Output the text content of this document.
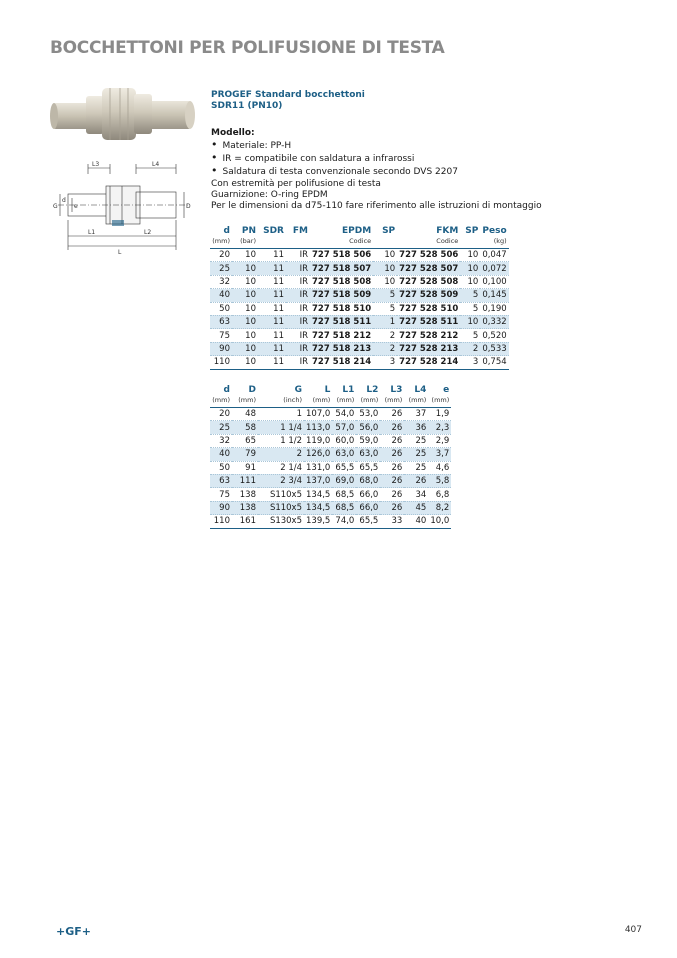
BOCCHETTONI PER POLIFUSIONE DI TESTA
L3	L4
G	e
d
D
L1	L2
L
PROGEF Standard bocchettoni
SDR11 (PN10)
Modello:
• Materiale: PP-H
• IR = compatibile con saldatura a infrarossi
• Saldatura di testa convenzionale secondo DVS 2207
Con estremità per polifusione di testa
Guarnizione: O-ring EPDM
Per le dimensioni da d75-110 fare riferimento alle istruzioni di montaggio
d	PN	SDR	FM	EPDM	SP	FKM	SP	Peso
(mm)	(bar)			Codice		Codice		(kg)
20	10	11	IR	727 518 506	10	727 528 506	10	0,047
25	10	11	IR	727 518 507	10	727 528 507	10	0,072
32	10	11	IR	727 518 508	10	727 528 508	10	0,100
40	10	11	IR	727 518 509	5	727 528 509	5	0,145
50	10	11	IR	727 518 510	5	727 528 510	5	0,190
63	10	11	IR	727 518 511	1	727 528 511	10	0,332
75	10	11	IR	727 518 212	2	727 528 212	5	0,520
90	10	11	IR	727 518 213	2	727 528 213	2	0,533
110	10	11	IR	727 518 214	3	727 528 214	3	0,754
d	D	G	L	L1	L2	L3	L4	e
(mm)	(mm)	(inch)	(mm)	(mm)	(mm)	(mm)	(mm)	(mm)
20	48	1	107,0	54,0	53,0	26	37	1,9
25	58	1 1/4	113,0	57,0	56,0	26	36	2,3
32	65	1 1/2	119,0	60,0	59,0	26	25	2,9
40	79	2	126,0	63,0	63,0	26	25	3,7
50	91	2 1/4	131,0	65,5	65,5	26	25	4,6
63	111	2 3/4	137,0	69,0	68,0	26	26	5,8
75	138	S110x5	134,5	68,5	66,0	26	34	6,8
90	138	S110x5	134,5	68,5	66,0	26	45	8,2
110	161	S130x5	139,5	74,0	65,5	33	40	10,0
+GF+	407
